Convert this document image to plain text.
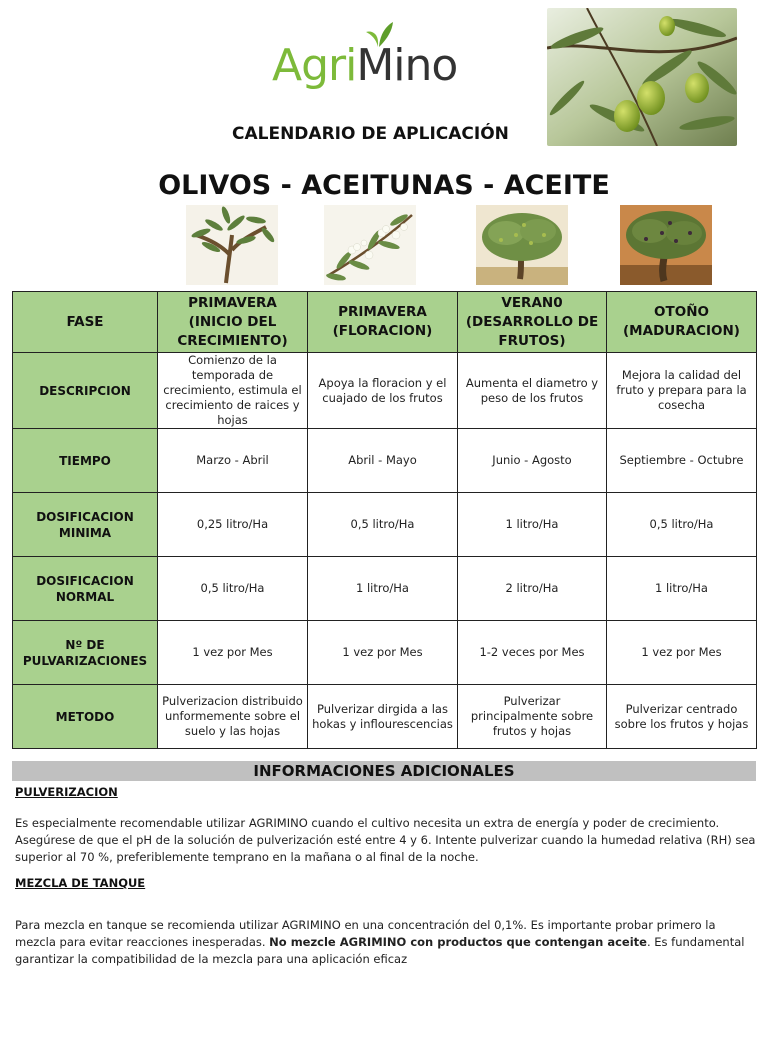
AgriMino
CALENDARIO DE APLICACIÓN
OLIVOS - ACEITUNAS - ACEITE
FASE	PRIMAVERA (INICIO DEL CRECIMIENTO)	PRIMAVERA (FLORACION)	VERAN0 (DESARROLLO DE FRUTOS)	OTOÑO (MADURACION)
DESCRIPCION	Comienzo de la temporada de crecimiento, estimula el crecimiento de raices y hojas	Apoya la floracion y el cuajado de los frutos	Aumenta el diametro y peso de los frutos	Mejora la calidad del fruto y prepara para la cosecha
TIEMPO	Marzo - Abril	Abril - Mayo	Junio - Agosto	Septiembre - Octubre
DOSIFICACION MINIMA	0,25 litro/Ha	0,5 litro/Ha	1 litro/Ha	0,5 litro/Ha
DOSIFICACION NORMAL	0,5 litro/Ha	1 litro/Ha	2 litro/Ha	1 litro/Ha
Nº DE PULVARIZACIONES	1 vez por Mes	1 vez por Mes	1-2 veces por Mes	1 vez por Mes
METODO	Pulverizacion distribuido unformemente sobre el suelo y las hojas	Pulverizar dirgida a las hokas y inflourescencias	Pulverizar principalmente sobre frutos y hojas	Pulverizar centrado sobre los frutos y hojas
INFORMACIONES ADICIONALES
PULVERIZACION
Es especialmente recomendable utilizar AGRIMINO cuando el cultivo necesita un extra de energía y poder de crecimiento. Asegúrese de que el pH de la solución de pulverización esté entre 4 y 6. Intente pulverizar cuando la humedad relativa (RH) sea superior al 70 %, preferiblemente temprano en la mañana o al final de la noche.
MEZCLA DE TANQUE
Para mezcla en tanque se recomienda utilizar AGRIMINO en una concentración del 0,1%. Es importante probar primero la mezcla para evitar reacciones inesperadas. No mezcle AGRIMINO con productos que contengan aceite. Es fundamental garantizar la compatibilidad de la mezcla para una aplicación eficaz
